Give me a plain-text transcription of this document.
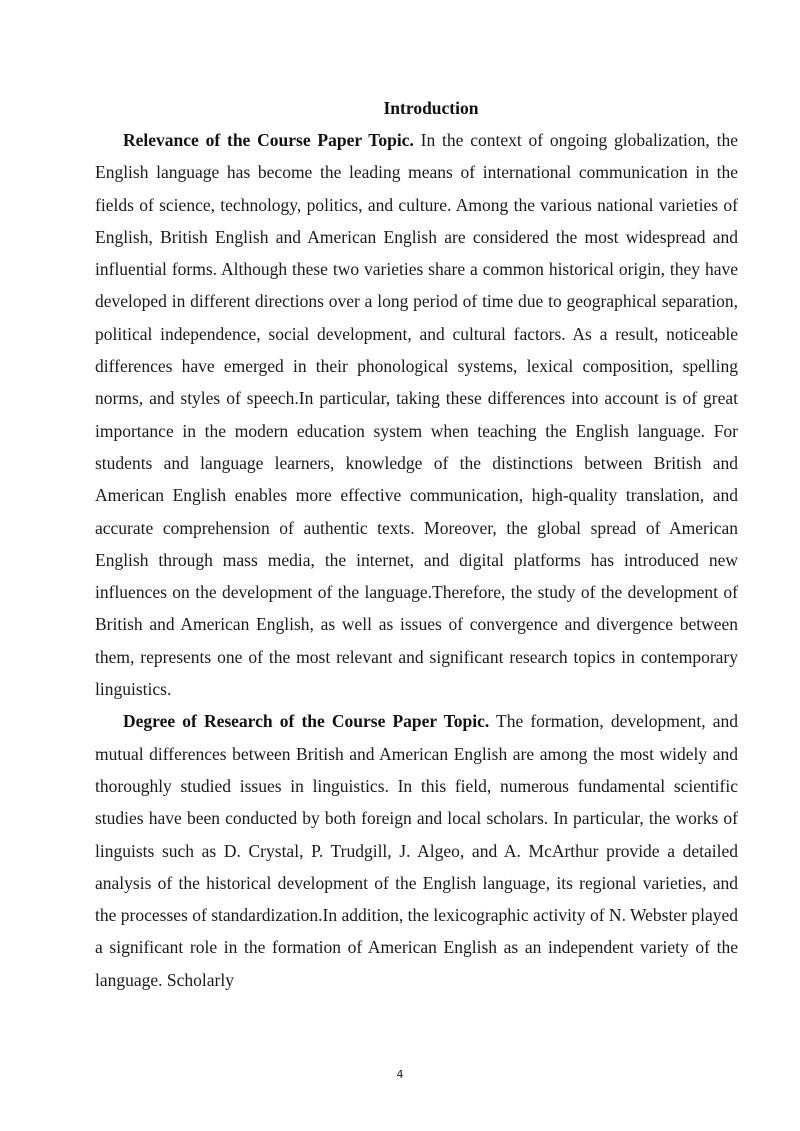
Introduction

Relevance of the Course Paper Topic. In the context of ongoing globalization, the English language has become the leading means of international communication in the fields of science, technology, politics, and culture. Among the various national varieties of English, British English and American English are considered the most widespread and influential forms. Although these two varieties share a common historical origin, they have developed in different directions over a long period of time due to geographical separation, political independence, social development, and cultural factors. As a result, noticeable differences have emerged in their phonological systems, lexical composition, spelling norms, and styles of speech.In particular, taking these differences into account is of great importance in the modern education system when teaching the English language. For students and language learners, knowledge of the distinctions between British and American English enables more effective communication, high-quality translation, and accurate comprehension of authentic texts. Moreover, the global spread of American English through mass media, the internet, and digital platforms has introduced new influences on the development of the language.Therefore, the study of the development of British and American English, as well as issues of convergence and divergence between them, represents one of the most relevant and significant research topics in contemporary linguistics.

Degree of Research of the Course Paper Topic. The formation, development, and mutual differences between British and American English are among the most widely and thoroughly studied issues in linguistics. In this field, numerous fundamental scientific studies have been conducted by both foreign and local scholars. In particular, the works of linguists such as D. Crystal, P. Trudgill, J. Algeo, and A. McArthur provide a detailed analysis of the historical development of the English language, its regional varieties, and the processes of standardization.In addition, the lexicographic activity of N. Webster played a significant role in the formation of American English as an independent variety of the language. Scholarly

4
